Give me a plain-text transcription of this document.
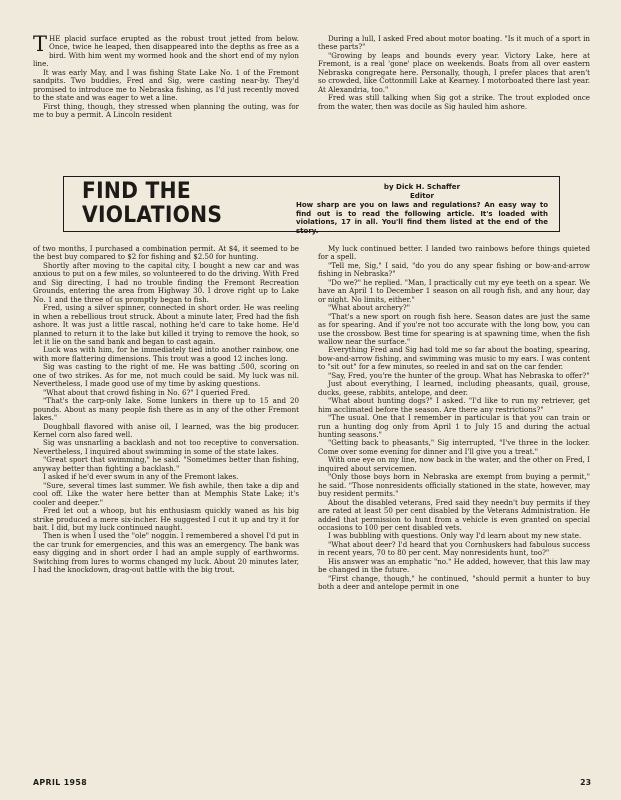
THE placid surface erupted as the robust trout jetted from below. Once, twice he leaped, then disappeared into the depths as free as a bird. With him went my wormed hook and the short end of my nylon line.

It was early May, and I was fishing State Lake No. 1 of the Fremont sandpits. Two buddies, Fred and Sig, were casting near-by. They'd promised to introduce me to Nebraska fishing, as I'd just recently moved to the state and was eager to wet a line.

First thing, though, they stressed when planning the outing, was for me to buy a permit. A Lincoln resident

During a lull, I asked Fred about motor boating. "Is it much of a sport in these parts?"

"Growing by leaps and bounds every year. Victory Lake, here at Fremont, is a real 'gone' place on weekends. Boats from all over eastern Nebraska congregate here. Personally, though, I prefer places that aren't so crowded, like Cottonmill Lake at Kearney. I motorboated there last year. At Alexandria, too."

Fred was still talking when Sig got a strike. The trout exploded once from the water, then was docile as Sig hauled him ashore.

FIND THE
VIOLATIONS
by Dick H. Schaffer
Editor
How sharp are you on laws and regulations? An easy way to find out is to read the following article. It's loaded with violations, 17 in all. You'll find them listed at the end of the story.

of two months, I purchased a combination permit. At $4, it seemed to be the best buy compared to $2 for fishing and $2.50 for hunting.

Shortly after moving to the capital city, I bought a new car and was anxious to put on a few miles, so volunteered to do the driving. With Fred and Sig directing, I had no trouble finding the Fremont Recreation Grounds, entering the area from Highway 30. I drove right up to Lake No. 1 and the three of us promptly began to fish.

Fred, using a silver spinner, connected in short order. He was reeling in when a rebellious trout struck. About a minute later, Fred had the fish ashore. It was just a little rascal, nothing he'd care to take home. He'd planned to return it to the lake but killed it trying to remove the hook, so let it lie on the sand bank and began to cast again.

Luck was with him, for he immediately tied into another rainbow, one with more flattering dimensions. This trout was a good 12 inches long.

Sig was casting to the right of me. He was batting .500, scoring on one of two strikes. As for me, not much could be said. My luck was nil. Nevertheless, I made good use of my time by asking questions.

"What about that crowd fishing in No. 6?" I queried Fred.

"That's the carp-only lake. Some lunkers in there up to 15 and 20 pounds. About as many people fish there as in any of the other Fremont lakes."

Doughball flavored with anise oil, I learned, was the big producer. Kernel corn also fared well.

Sig was unsnarling a backlash and not too receptive to conversation. Nevertheless, I inquired about swimming in some of the state lakes.

"Great sport that swimming," he said. "Sometimes better than fishing, anyway better than fighting a backlash."

I asked if he'd ever swum in any of the Fremont lakes.

"Sure, several times last summer. We fish awhile, then take a dip and cool off. Like the water here better than at Memphis State Lake; it's cooler and deeper."

Fred let out a whoop, but his enthusiasm quickly waned as his big strike produced a mere six-incher. He suggested I cut it up and try it for bait. I did, but my luck continued naught.

Then is when I used the "ole" noggin. I remembered a shovel I'd put in the car trunk for emergencies, and this was an emergency. The bank was easy digging and in short order I had an ample supply of earthworms. Switching from lures to worms changed my luck. About 20 minutes later, I had the knockdown, drag-out battle with the big trout.

My luck continued better. I landed two rainbows before things quieted for a spell.

"Tell me, Sig," I said, "do you do any spear fishing or bow-and-arrow fishing in Nebraska?"

"Do we?" he replied. "Man, I practically cut my eye teeth on a spear. We have an April 1 to December 1 season on all rough fish, and any hour, day or night. No limits, either."

"What about archery?"

"That's a new sport on rough fish here. Season dates are just the same as for spearing. And if you're not too accurate with the long bow, you can use the crossbow. Best time for spearing is at spawning time, when the fish wallow near the surface."

Everything Fred and Sig had told me so far about the boating, spearing, bow-and-arrow fishing, and swimming was music to my ears. I was content to "sit out" for a few minutes, so reeled in and sat on the car fender.

"Say, Fred, you're the hunter of the group. What has Nebraska to offer?"

Just about everything, I learned, including pheasants, quail, grouse, ducks, geese, rabbits, antelope, and deer.

"What about hunting dogs?" I asked. "I'd like to run my retriever, get him acclimated before the season. Are there any restrictions?"

"The usual. One that I remember in particular is that you can train or run a hunting dog only from April 1 to July 15 and during the actual hunting seasons."

"Getting back to pheasants," Sig interrupted, "I've three in the locker. Come over some evening for dinner and I'll give you a treat."

With one eye on my line, now back in the water, and the other on Fred, I inquired about servicemen.

"Only those boys born in Nebraska are exempt from buying a permit," he said. "Those nonresidents officially stationed in the state, however, may buy resident permits."

About the disabled veterans, Fred said they needn't buy permits if they are rated at least 50 per cent disabled by the Veterans Administration. He added that permission to hunt from a vehicle is even granted on special occasions to 100 per cent disabled vets.

I was bubbling with questions. Only way I'd learn about my new state.

"What about deer? I'd heard that you Cornhuskers had fabulous success in recent years, 70 to 80 per cent. May nonresidents hunt, too?"

His answer was an emphatic "no." He added, however, that this law may be changed in the future.

"First change, though," he continued, "should permit a hunter to buy both a deer and antelope permit in one

APRIL 1958	23
